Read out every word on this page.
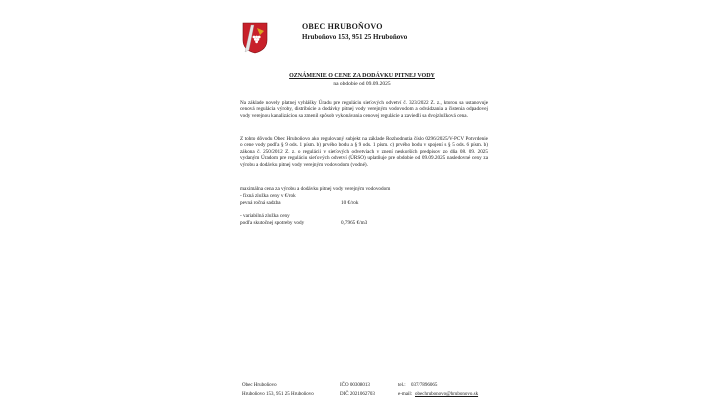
OBEC HRUBOŇOVO
Hruboňovo 153, 951 25 Hruboňovo
OZNÁMENIE O CENE ZA DODÁVKU PITNEJ VODY
na obdobie od 09.09.2025

Na základe novely platnej vyhlášky Úradu pre reguláciu sieťových odvetví č. 323/2022 Z. z., ktorou sa ustanovuje cenová regulácia výroby, distribúcie a dodávky pitnej vody verejným vodovodom a odvádzania a čistenia odpadovej vody verejnou kanalizáciou sa zmenil spôsob vykonávania cenovej regulácie a zaviedli sa dvojzložková cena.

Z tohto dôvodu Obec Hruboňovo ako regulovaný subjekt na základe Rozhodnutia číslo 0296/2025/V-PCV Potvrdenie o cene vody podľa § 9 ods. 1 písm. b) prvého bodu a § 9 ods. 1 písm. c) prvého bodu v spojení s § 5 ods. 6 písm. b) zákona č. 250/2012 Z. z. o regulácii v sieťových odvetviach v znení neskorších predpisov zo dňa 08. 09. 2025 vydaným Úradom pre reguláciu sieťových odvetví (ÚRSO) uplatňuje pre obdobie od 09.09.2025 nasledovné ceny za výrobu a dodávku pitnej vody verejným vodovodom (vodné).

maximálna cena za výrobu a dodávku pitnej vody verejným vodovodom
- fixná zložka ceny v €/rok
pevná ročná sadzba	10 €/rok
- variabilná zložka ceny
podľa skutočnej spotreby vody	0,7965 €/m3
Obec Hruboňovo
Hruboňovo 153, 951 25 Hruboňovo
IČO 00308013
DIČ 2021062703
tel.: 037/7896065
e-mail: obechrubonovo@hrubonovo.sk
